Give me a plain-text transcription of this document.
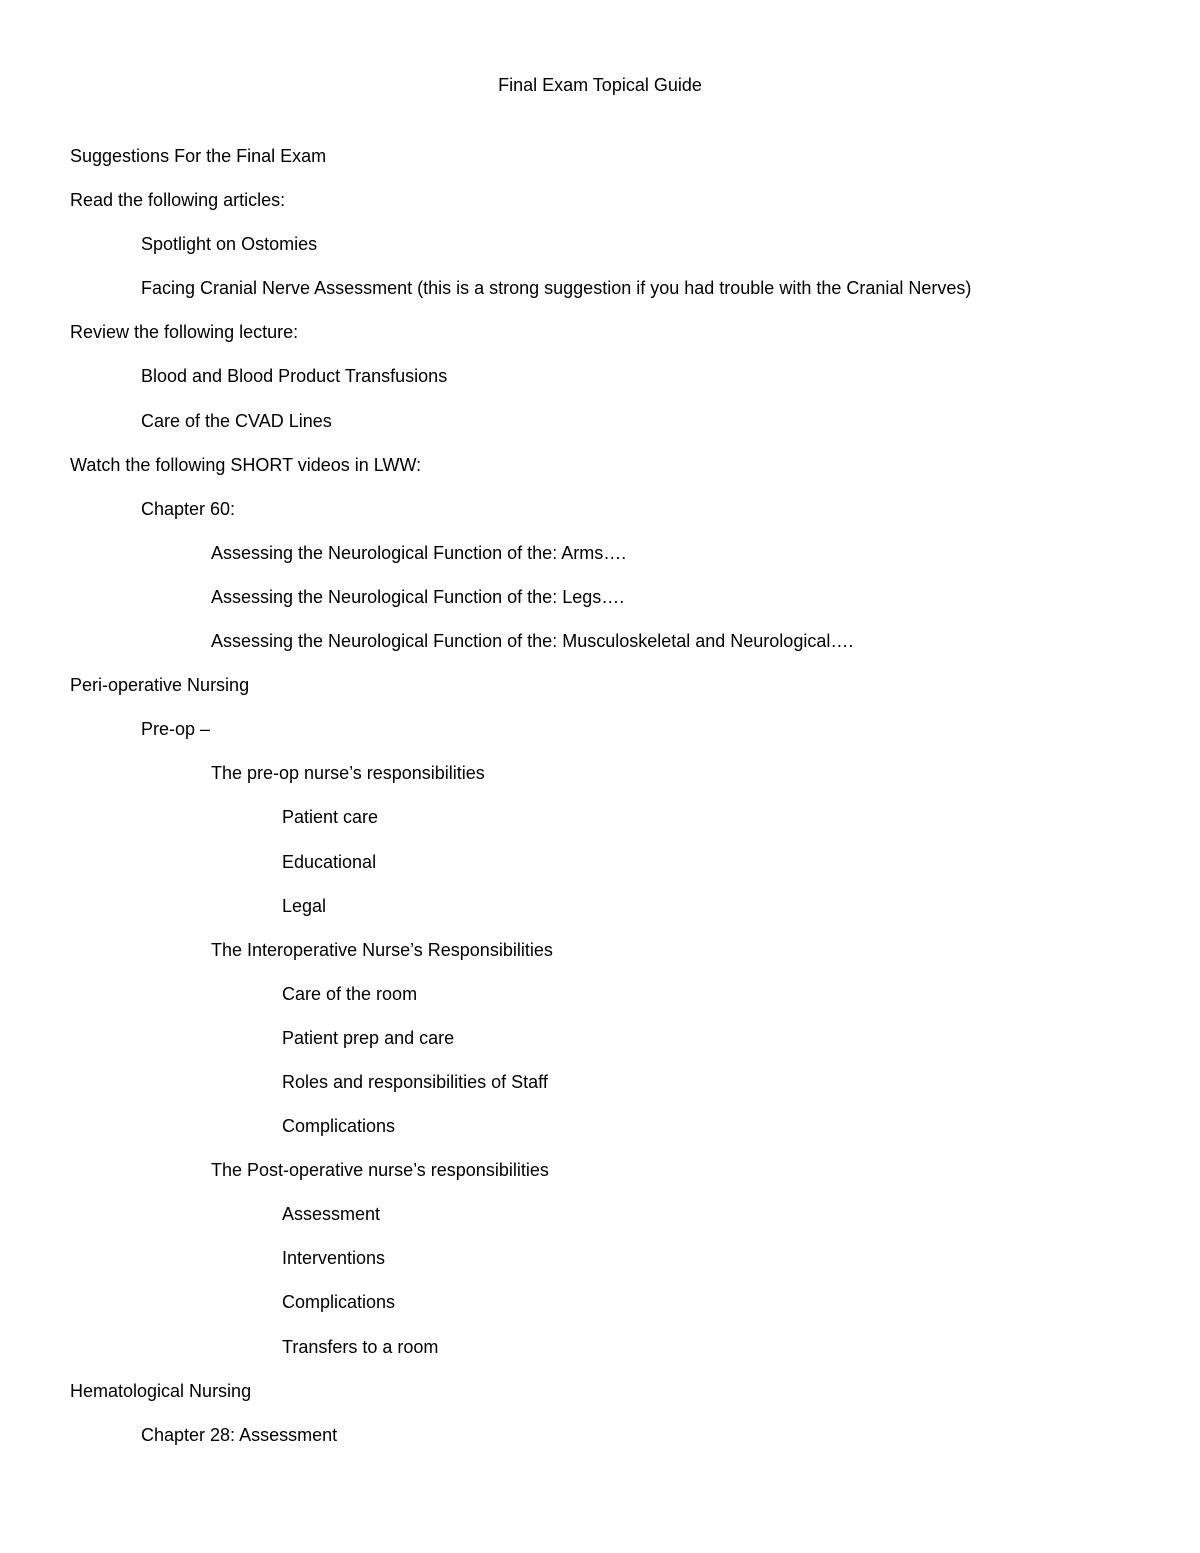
Final Exam Topical Guide
Suggestions For the Final Exam
Read the following articles:
Spotlight on Ostomies
Facing Cranial Nerve Assessment (this is a strong suggestion if you had trouble with the Cranial Nerves)
Review the following lecture:
Blood and Blood Product Transfusions
Care of the CVAD Lines
Watch the following SHORT videos in LWW:
Chapter 60:
Assessing the Neurological Function of the: Arms….
Assessing the Neurological Function of the: Legs….
Assessing the Neurological Function of the: Musculoskeletal and Neurological….
Peri-operative Nursing
Pre-op –
The pre-op nurse’s responsibilities
Patient care
Educational
Legal
The Interoperative Nurse’s Responsibilities
Care of the room
Patient prep and care
Roles and responsibilities of Staff
Complications
The Post-operative nurse’s responsibilities
Assessment
Interventions
Complications
Transfers to a room
Hematological Nursing
Chapter 28: Assessment
